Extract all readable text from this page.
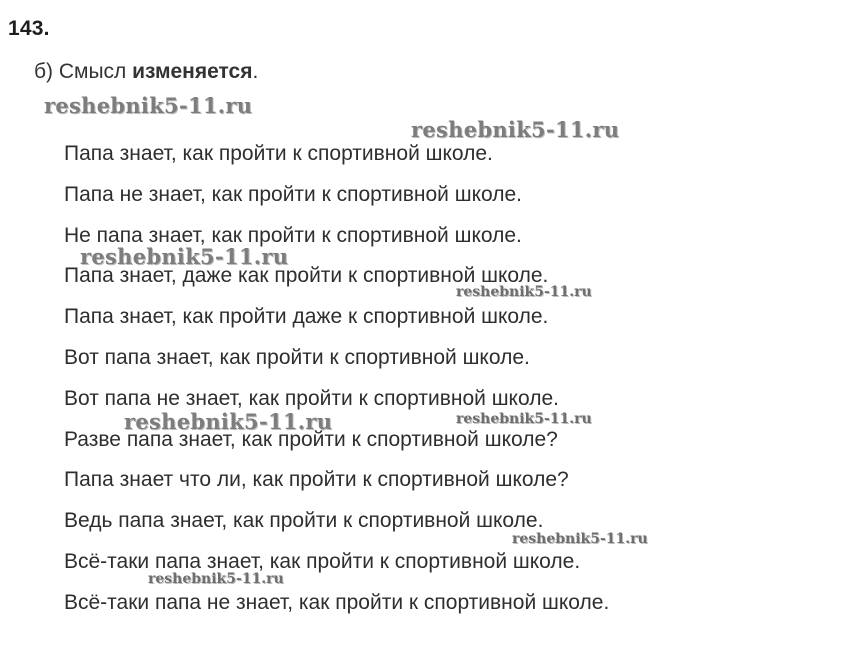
143.
б) Смысл изменяется.
Папа знает, как пройти к спортивной школе.
Папа не знает, как пройти к спортивной школе.
Не папа знает, как пройти к спортивной школе.
Папа знает, даже как пройти к спортивной школе.
Папа знает, как пройти даже к спортивной школе.
Вот папа знает, как пройти к спортивной школе.
Вот папа не знает, как пройти к спортивной школе.
Разве папа знает, как пройти к спортивной школе?
Папа знает что ли, как пройти к спортивной школе?
Ведь папа знает, как пройти к спортивной школе.
Всё-таки папа знает, как пройти к спортивной школе.
Всё-таки папа не знает, как пройти к спортивной школе.
reshebnik5-11.ru
reshebnik5-11.ru
reshebnik5-11.ru
reshebnik5-11.ru
reshebnik5-11.ru	reshebnik5-11.ru
reshebnik5-11.ru
reshebnik5-11.ru
